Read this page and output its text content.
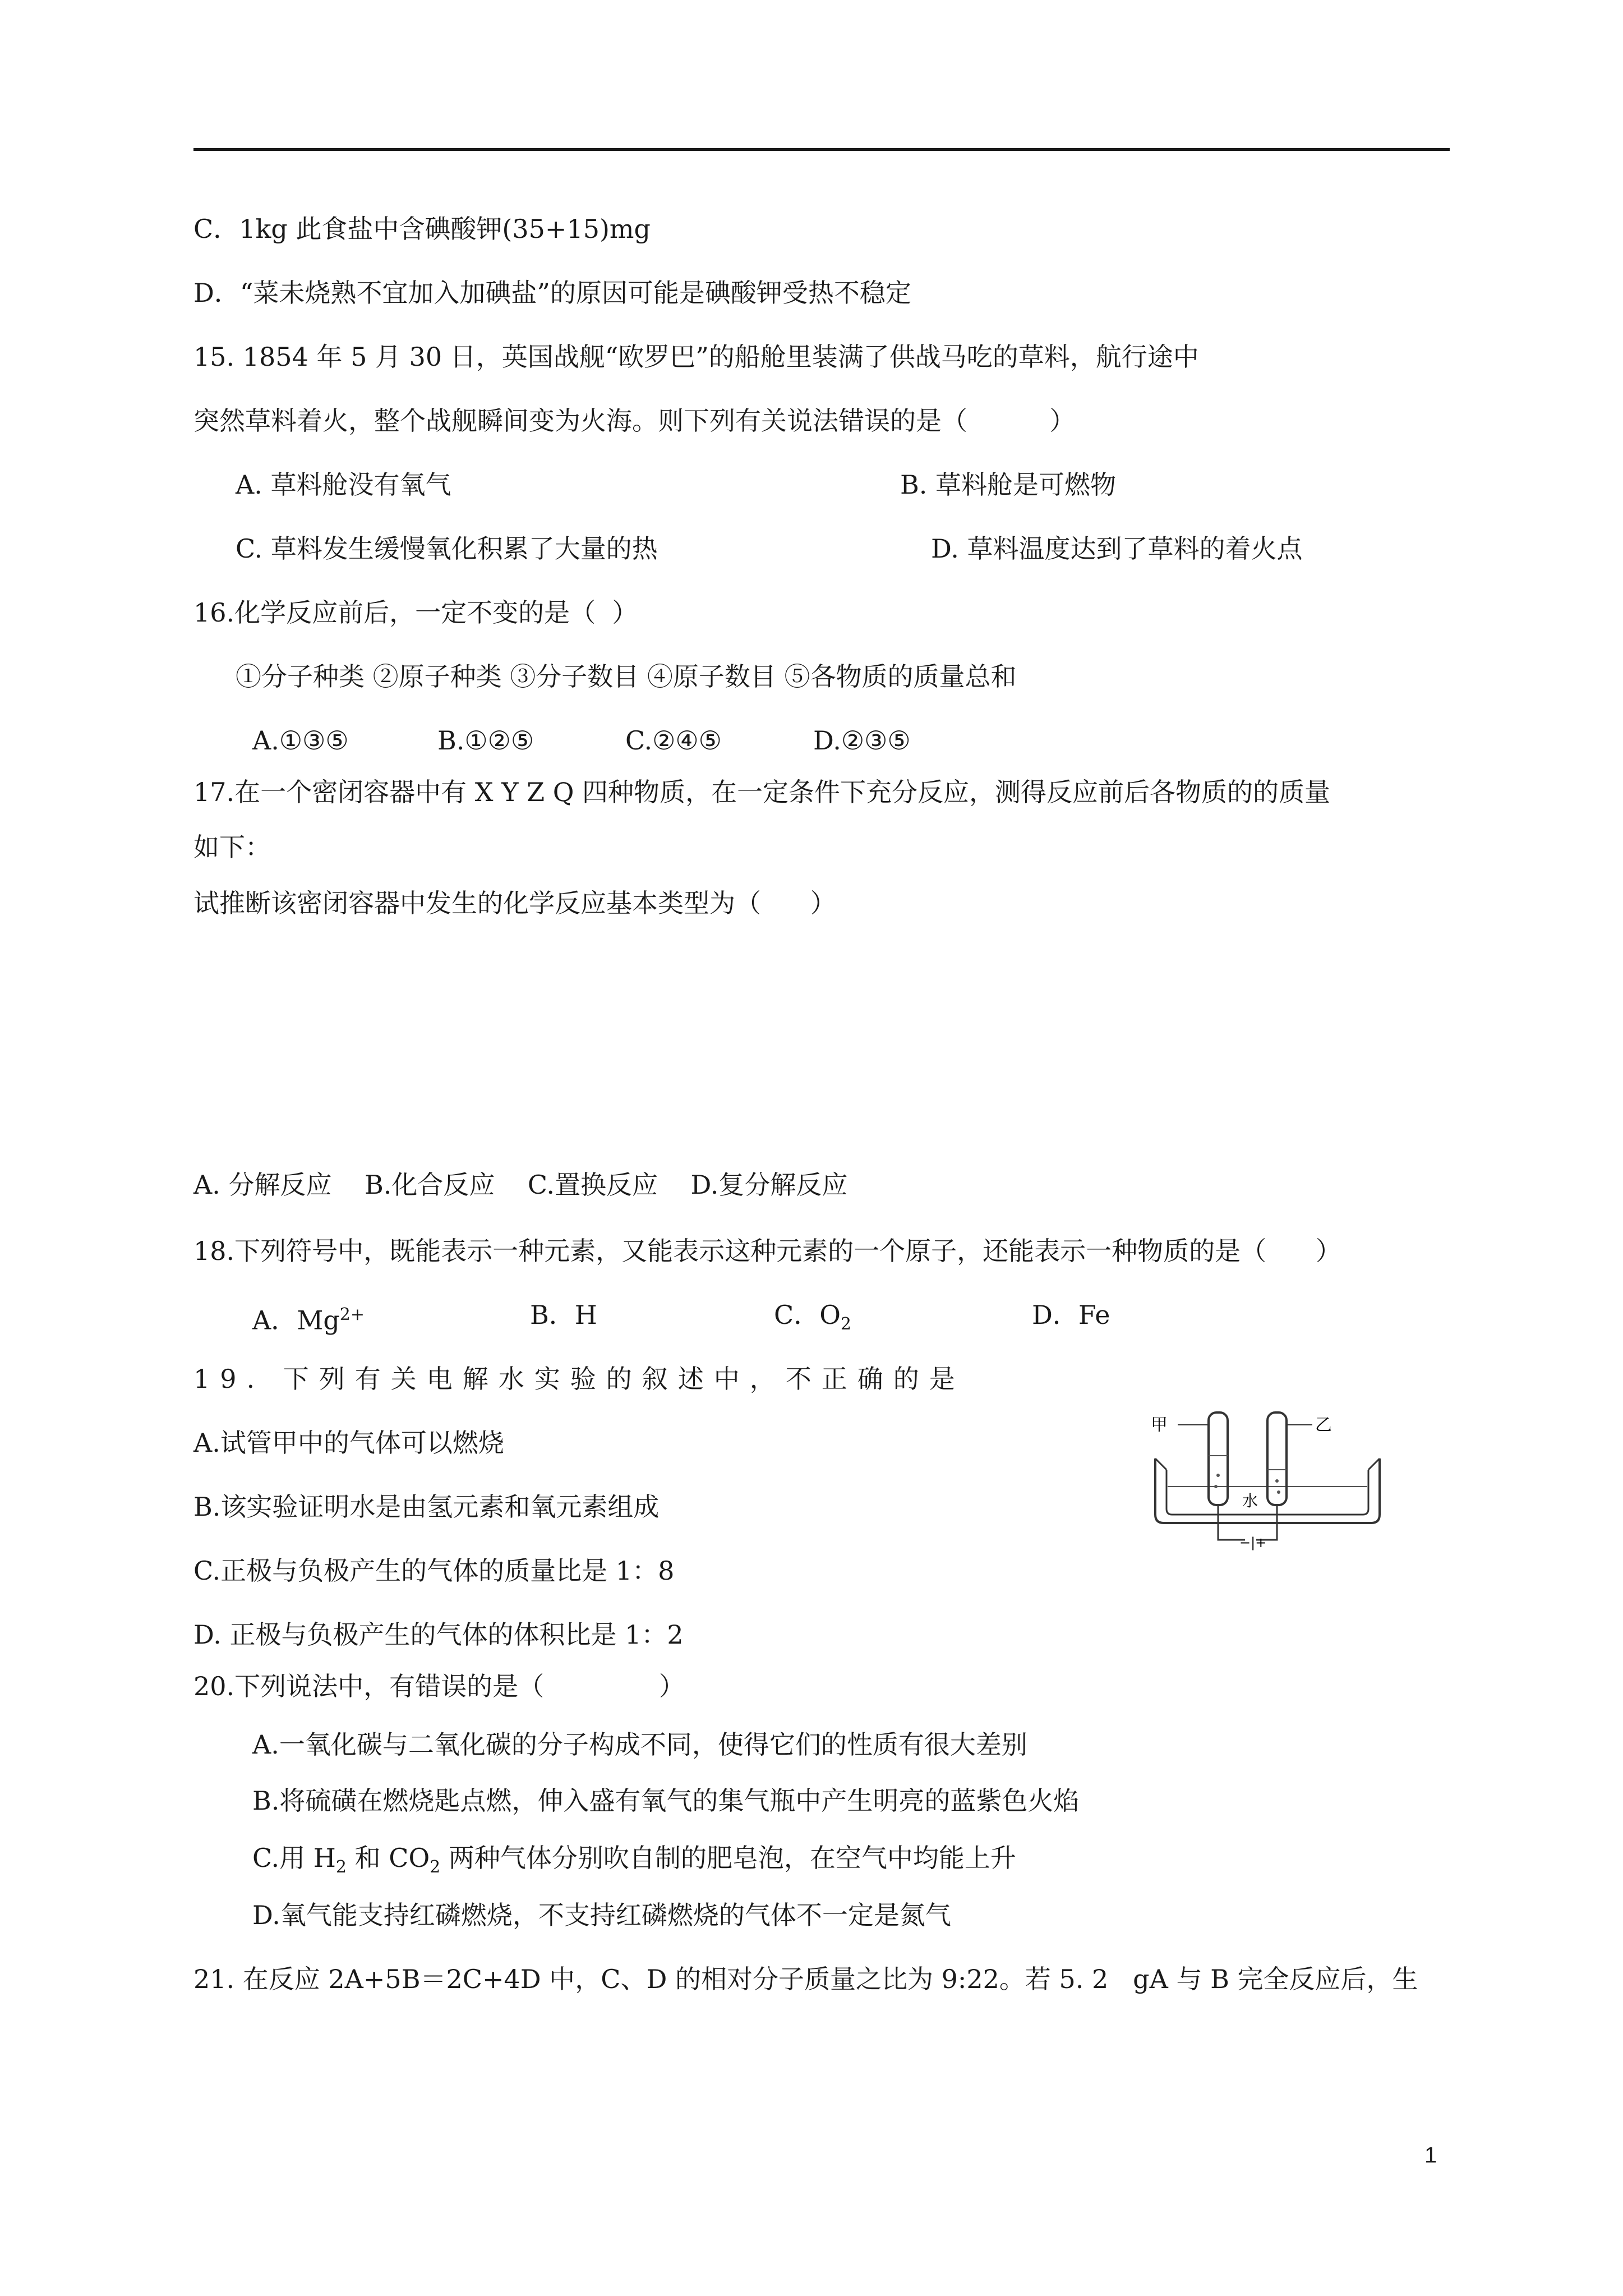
C．1kg 此食盐中含碘酸钾(35+15)mg
D．“菜未烧熟不宜加入加碘盐”的原因可能是碘酸钾受热不稳定
15. 1854 年 5 月 30 日，英国战舰“欧罗巴”的船舱里装满了供战马吃的草料，航行途中
突然草料着火，整个战舰瞬间变为火海。则下列有关说法错误的是（          ）
A. 草料舱没有氧气	B. 草料舱是可燃物
C. 草料发生缓慢氧化积累了大量的热	D. 草料温度达到了草料的着火点
16.化学反应前后，一定不变的是（  ）
①分子种类 ②原子种类 ③分子数目 ④原子数目 ⑤各物质的质量总和
A.①③⑤	B.①②⑤	C.②④⑤	D.②③⑤
17.在一个密闭容器中有 X Y Z Q 四种物质，在一定条件下充分反应，测得反应前后各物质的的质量
如下：
试推断该密闭容器中发生的化学反应基本类型为（      ）
A. 分解反应    B.化合反应    C.置换反应    D.复分解反应
18.下列符号中，既能表示一种元素，又能表示这种元素的一个原子，还能表示一种物质的是（      ）
A．$Mg^{2+}$	B．H	C．$O_2$	D．Fe
19. 下列有关电解水实验的叙述中，不正确的是
甲	乙
水
−|+
A.试管甲中的气体可以燃烧
B.该实验证明水是由氢元素和氧元素组成
C.正极与负极产生的气体的质量比是 1：8
D. 正极与负极产生的气体的体积比是 1：2
20.下列说法中，有错误的是（              ）
A.一氧化碳与二氧化碳的分子构成不同，使得它们的性质有很大差别
B.将硫磺在燃烧匙点燃，伸入盛有氧气的集气瓶中产生明亮的蓝紫色火焰
C.用 $H_2$ 和 $CO_2$ 两种气体分别吹自制的肥皂泡，在空气中均能上升
D.氧气能支持红磷燃烧，不支持红磷燃烧的气体不一定是氮气
21. 在反应 2A+5B＝2C+4D 中，C、D 的相对分子质量之比为 9:22。若 5. 2   gA 与 B 完全反应后，生
1
